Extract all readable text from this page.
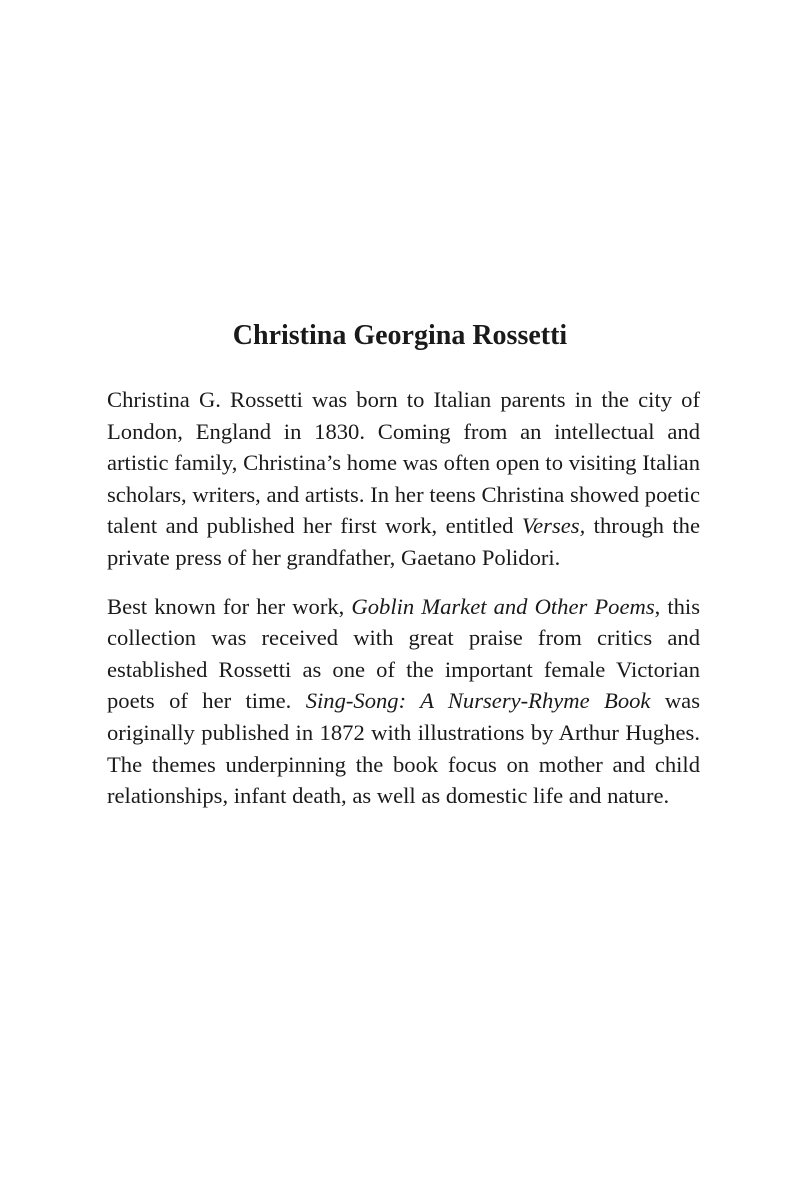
Christina Georgina Rossetti

Christina G. Rossetti was born to Italian parents in the city of
London, England in 1830. Coming from an intellectual and
artistic family, Christina’s home was often open to visiting Italian
scholars, writers, and artists. In her teens Christina showed poetic
talent and published her first work, entitled Verses, through the
private press of her grandfather, Gaetano Polidori.

Best known for her work, Goblin Market and Other Poems, this
collection was received with great praise from critics and
established Rossetti as one of the important female Victorian
poets of her time. Sing-Song: A Nursery-Rhyme Book was
originally published in 1872 with illustrations by Arthur Hughes.
The themes underpinning the book focus on mother and child
relationships, infant death, as well as domestic life and nature.
